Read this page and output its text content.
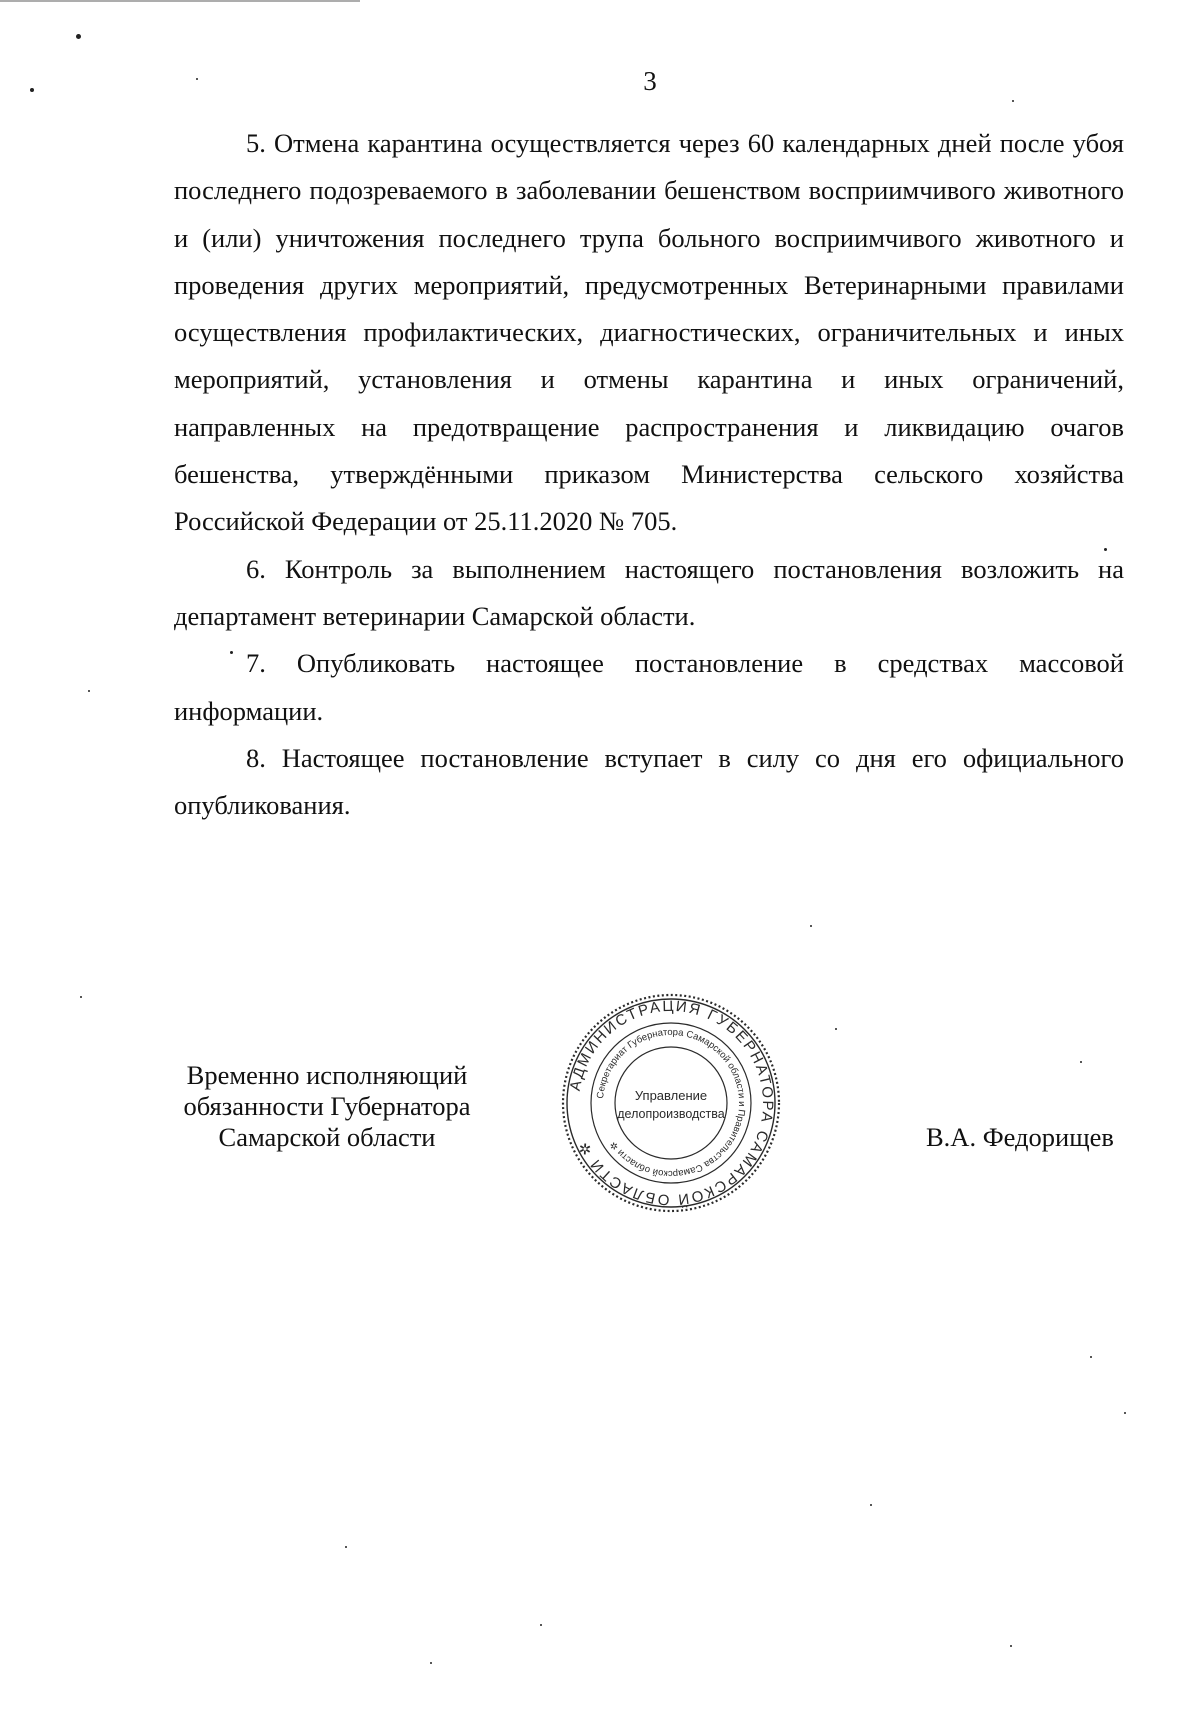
3

5. Отмена карантина осуществляется через 60 календарных дней после убоя последнего подозреваемого в заболевании бешенством восприимчивого животного и (или) уничтожения последнего трупа больного восприимчивого животного и проведения других мероприятий, предусмотренных Ветеринарными правилами осуществления профилактических, диагностических, ограничительных и иных мероприятий, установления и отмены карантина и иных ограничений, направленных на предотвращение распространения и ликвидацию очагов бешенства, утверждёнными приказом Министерства сельского хозяйства Российской Федерации от 25.11.2020 № 705.

6. Контроль за выполнением настоящего постановления возложить на департамент ветеринарии Самарской области.

7. Опубликовать настоящее постановление в средствах массовой информации.

8. Настоящее постановление вступает в силу со дня его официального опубликования.

Временно исполняющий
обязанности Губернатора
Самарской области	В.А. Федорищев
АДМИНИСТРАЦИЯ ГУБЕРНАТОРА САМАРСКОЙ ОБЛАСТИ ✲
Секретариат Губернатора Самарской области и Правительства Самарской области ✲
Управление
делопроизводства
